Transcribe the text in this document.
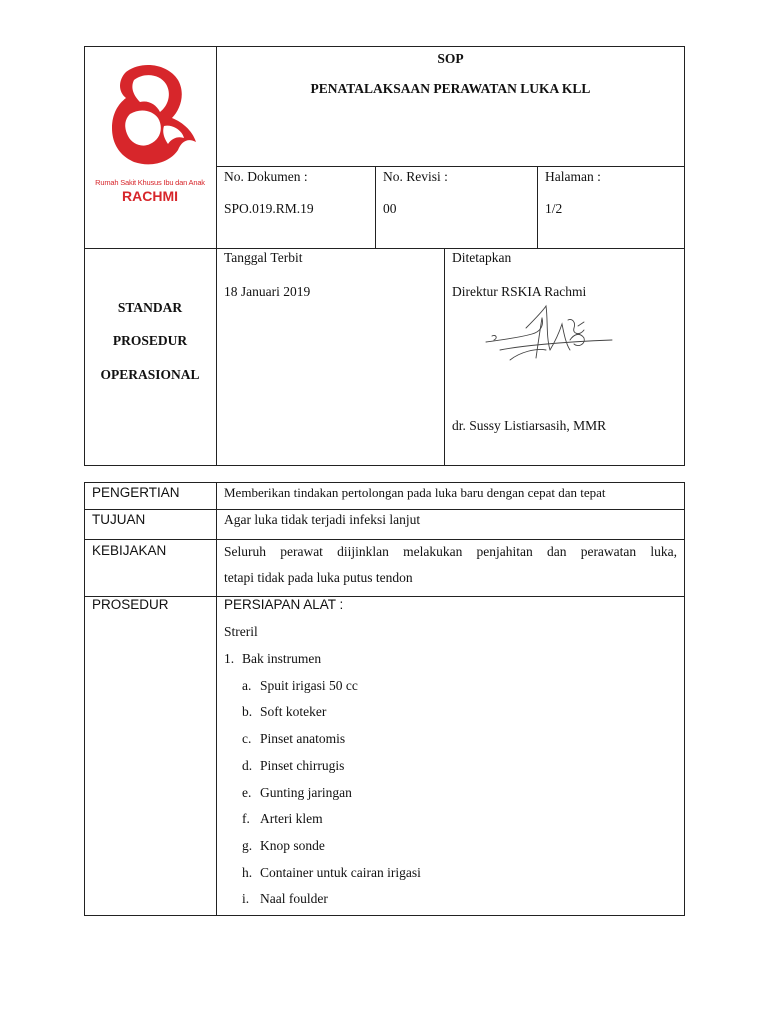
Rumah Sakit Khusus Ibu dan Anak
RACHMI
SOP
PENATALAKSAAN PERAWATAN LUKA KLL
No. Dokumen :
SPO.019.RM.19
No. Revisi :
00
Halaman :
1/2
STANDAR
PROSEDUR
OPERASIONAL
Tanggal Terbit
18 Januari 2019
Ditetapkan
Direktur RSKIA Rachmi
dr. Sussy Listiarsasih, MMR
PENGERTIAN	Memberikan tindakan pertolongan pada luka baru dengan cepat dan tepat
TUJUAN	Agar luka tidak terjadi infeksi lanjut
KEBIJAKAN	Seluruh perawat diijinklan melakukan penjahitan dan perawatan luka,
tetapi tidak pada luka putus tendon
PROSEDUR	PERSIAPAN ALAT :
Streril
1. Bak instrumen
a. Spuit irigasi 50 cc
b. Soft koteker
c. Pinset anatomis
d. Pinset chirrugis
e. Gunting jaringan
f. Arteri klem
g. Knop sonde
h. Container untuk cairan irigasi
i. Naal foulder
